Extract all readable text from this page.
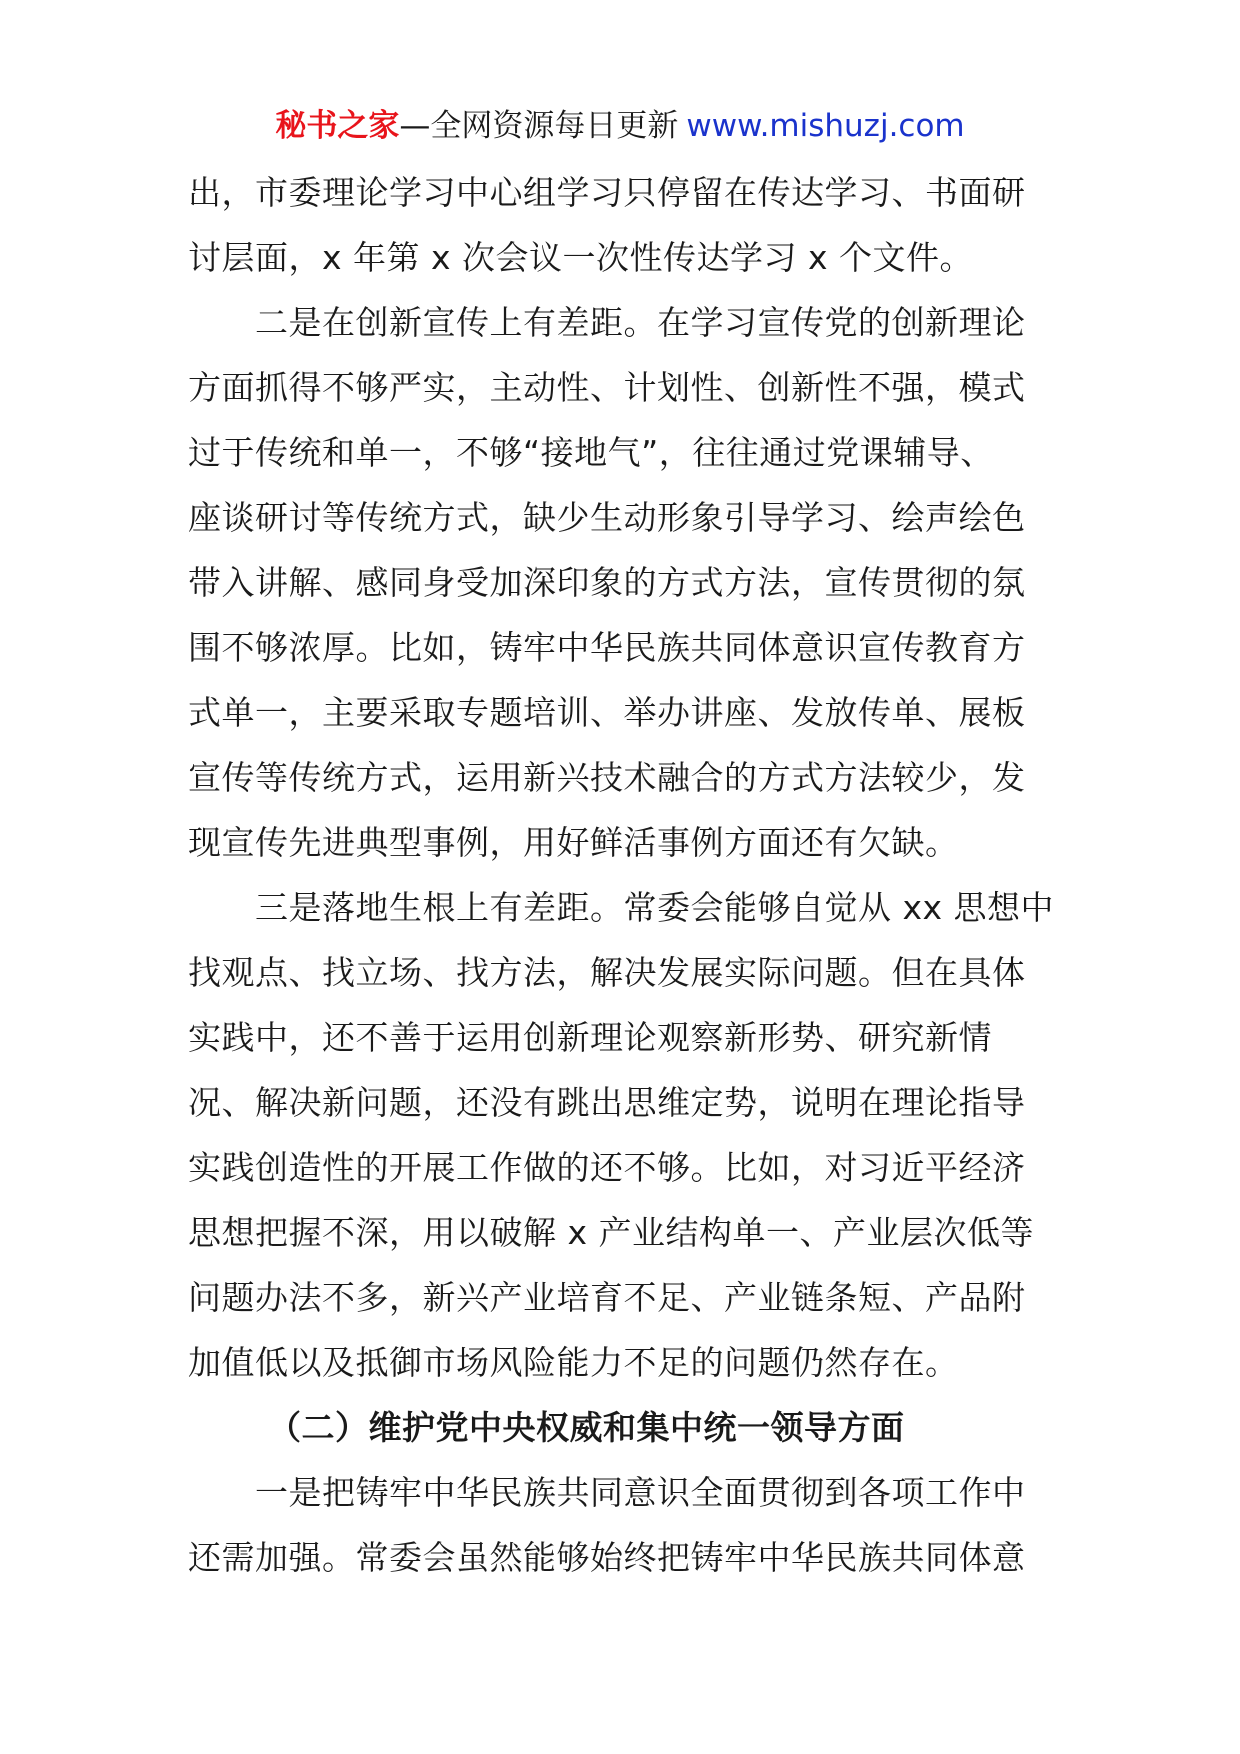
秘书之家—全网资源每日更新 www.mishuzj.com
出，市委理论学习中心组学习只停留在传达学习、书面研
讨层面，x 年第 x 次会议一次性传达学习 x 个文件。
二是在创新宣传上有差距。在学习宣传党的创新理论
方面抓得不够严实，主动性、计划性、创新性不强，模式
过于传统和单一，不够“接地气”，往往通过党课辅导、
座谈研讨等传统方式，缺少生动形象引导学习、绘声绘色
带入讲解、感同身受加深印象的方式方法，宣传贯彻的氛
围不够浓厚。比如，铸牢中华民族共同体意识宣传教育方
式单一，主要采取专题培训、举办讲座、发放传单、展板
宣传等传统方式，运用新兴技术融合的方式方法较少，发
现宣传先进典型事例，用好鲜活事例方面还有欠缺。
三是落地生根上有差距。常委会能够自觉从 xx 思想中
找观点、找立场、找方法，解决发展实际问题。但在具体
实践中，还不善于运用创新理论观察新形势、研究新情
况、解决新问题，还没有跳出思维定势，说明在理论指导
实践创造性的开展工作做的还不够。比如，对习近平经济
思想把握不深，用以破解 x 产业结构单一、产业层次低等
问题办法不多，新兴产业培育不足、产业链条短、产品附
加值低以及抵御市场风险能力不足的问题仍然存在。
（二）维护党中央权威和集中统一领导方面
一是把铸牢中华民族共同意识全面贯彻到各项工作中
还需加强。常委会虽然能够始终把铸牢中华民族共同体意
